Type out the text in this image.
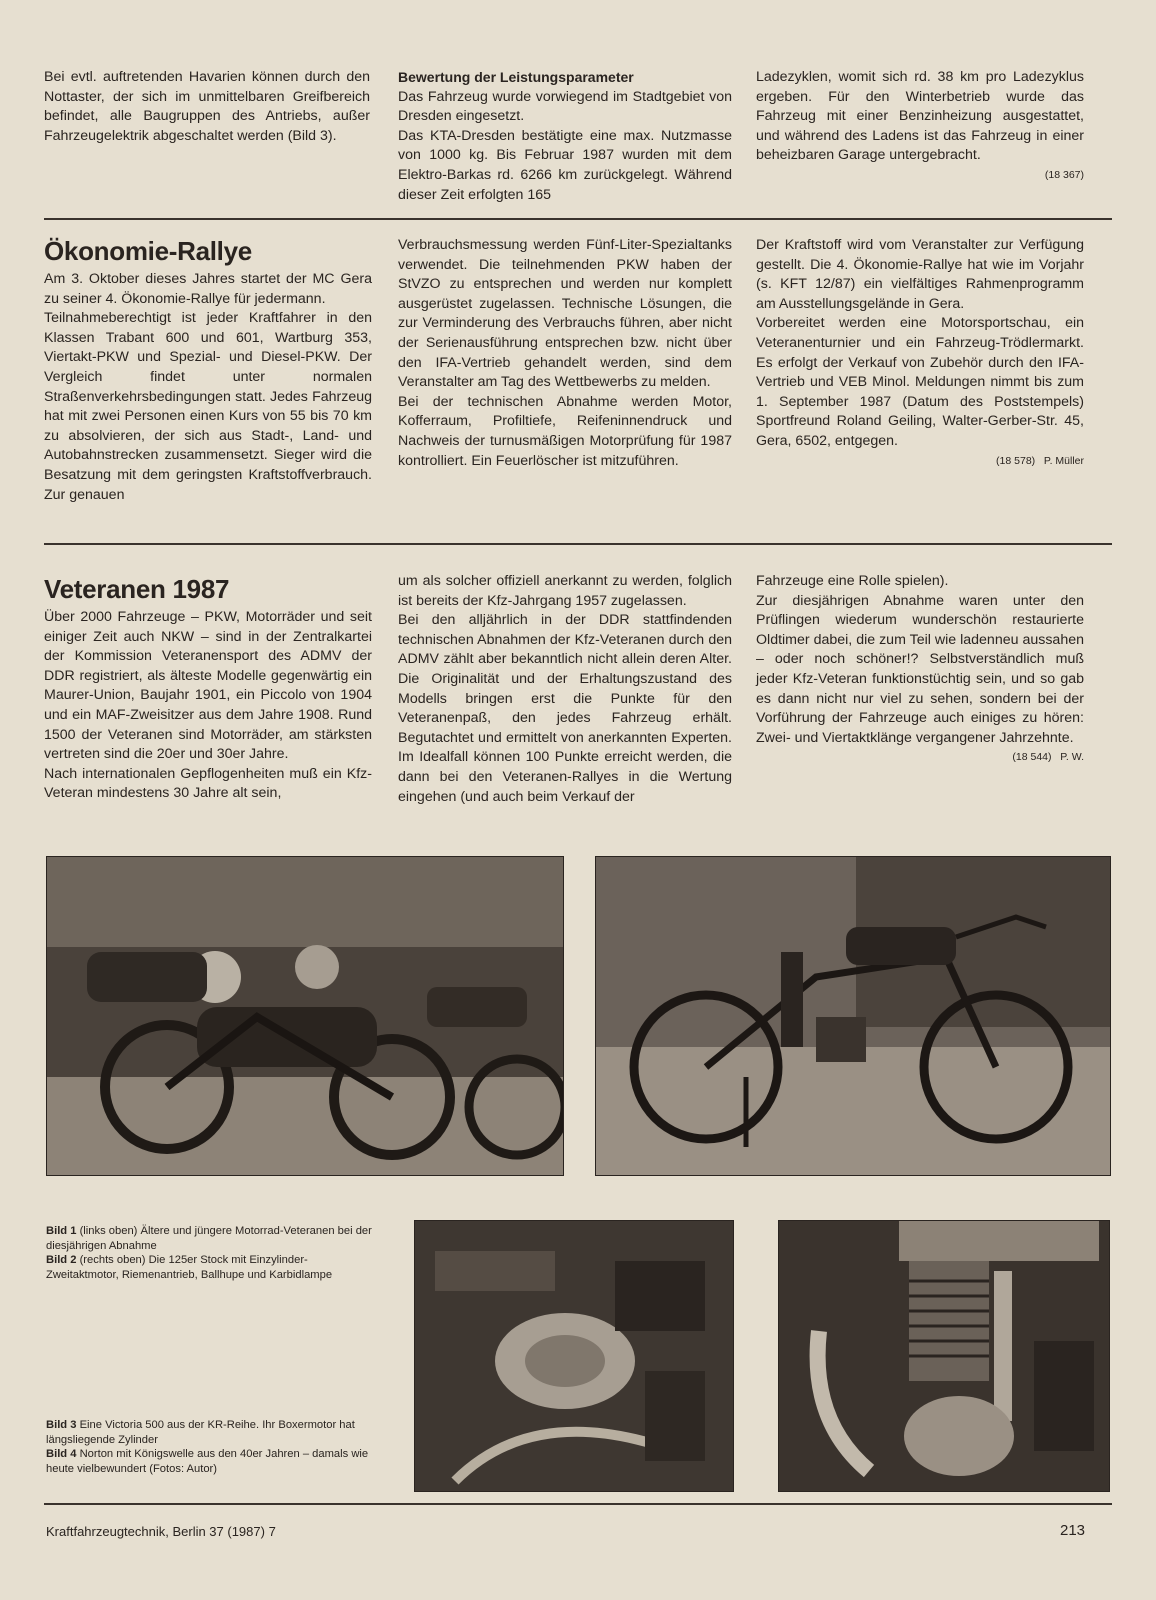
Bei evtl. auftretenden Havarien können durch den Nottaster, der sich im unmittelbaren Greifbereich befindet, alle Baugruppen des Antriebs, außer Fahrzeugelektrik abgeschaltet werden (Bild 3).

Bewertung der Leistungsparameter

Das Fahrzeug wurde vorwiegend im Stadtgebiet von Dresden eingesetzt.

Das KTA-Dresden bestätigte eine max. Nutzmasse von 1000 kg. Bis Februar 1987 wurden mit dem Elektro-Barkas rd. 6266 km zurückgelegt. Während dieser Zeit erfolgten 165

Ladezyklen, womit sich rd. 38 km pro Ladezyklus ergeben. Für den Winterbetrieb wurde das Fahrzeug mit einer Benzinheizung ausgestattet, und während des Ladens ist das Fahrzeug in einer beheizbaren Garage untergebracht.

(18 367)

Ökonomie-Rallye

Am 3. Oktober dieses Jahres startet der MC Gera zu seiner 4. Ökonomie-Rallye für jedermann.

Teilnahmeberechtigt ist jeder Kraftfahrer in den Klassen Trabant 600 und 601, Wartburg 353, Viertakt-PKW und Spezial- und Diesel-PKW. Der Vergleich findet unter normalen Straßenverkehrsbedingungen statt. Jedes Fahrzeug hat mit zwei Personen einen Kurs von 55 bis 70 km zu absolvieren, der sich aus Stadt-, Land- und Autobahnstrecken zusammensetzt. Sieger wird die Besatzung mit dem geringsten Kraftstoffverbrauch. Zur genauen

Verbrauchsmessung werden Fünf-Liter-Spezialtanks verwendet. Die teilnehmenden PKW haben der StVZO zu entsprechen und werden nur komplett ausgerüstet zugelassen. Technische Lösungen, die zur Verminderung des Verbrauchs führen, aber nicht der Serienausführung entsprechen bzw. nicht über den IFA-Vertrieb gehandelt werden, sind dem Veranstalter am Tag des Wettbewerbs zu melden.

Bei der technischen Abnahme werden Motor, Kofferraum, Profiltiefe, Reifeninnendruck und Nachweis der turnusmäßigen Motorprüfung für 1987 kontrolliert. Ein Feuerlöscher ist mitzuführen.

Der Kraftstoff wird vom Veranstalter zur Verfügung gestellt. Die 4. Ökonomie-Rallye hat wie im Vorjahr (s. KFT 12/87) ein vielfältiges Rahmenprogramm am Ausstellungsgelände in Gera.

Vorbereitet werden eine Motorsportschau, ein Veteranenturnier und ein Fahrzeug-Trödlermarkt. Es erfolgt der Verkauf von Zubehör durch den IFA-Vertrieb und VEB Minol. Meldungen nimmt bis zum 1. September 1987 (Datum des Poststempels) Sportfreund Roland Geiling, Walter-Gerber-Str. 45, Gera, 6502, entgegen.

(18 578) P. Müller

Veteranen 1987

Über 2000 Fahrzeuge – PKW, Motorräder und seit einiger Zeit auch NKW – sind in der Zentralkartei der Kommission Veteranensport des ADMV der DDR registriert, als älteste Modelle gegenwärtig ein Maurer-Union, Baujahr 1901, ein Piccolo von 1904 und ein MAF-Zweisitzer aus dem Jahre 1908. Rund 1500 der Veteranen sind Motorräder, am stärksten vertreten sind die 20er und 30er Jahre.

Nach internationalen Gepflogenheiten muß ein Kfz-Veteran mindestens 30 Jahre alt sein,

um als solcher offiziell anerkannt zu werden, folglich ist bereits der Kfz-Jahrgang 1957 zugelassen.

Bei den alljährlich in der DDR stattfindenden technischen Abnahmen der Kfz-Veteranen durch den ADMV zählt aber bekanntlich nicht allein deren Alter. Die Originalität und der Erhaltungszustand des Modells bringen erst die Punkte für den Veteranenpaß, den jedes Fahrzeug erhält. Begutachtet und ermittelt von anerkannten Experten. Im Idealfall können 100 Punkte erreicht werden, die dann bei den Veteranen-Rallyes in die Wertung eingehen (und auch beim Verkauf der

Fahrzeuge eine Rolle spielen).

Zur diesjährigen Abnahme waren unter den Prüflingen wiederum wunderschön restaurierte Oldtimer dabei, die zum Teil wie ladenneu aussahen – oder noch schöner!? Selbstverständlich muß jeder Kfz-Veteran funktionstüchtig sein, und so gab es dann nicht nur viel zu sehen, sondern bei der Vorführung der Fahrzeuge auch einiges zu hören: Zwei- und Viertaktklänge vergangener Jahrzehnte.

(18 544) P. W.

Bild 1 (links oben) Ältere und jüngere Motorrad-Veteranen bei der diesjährigen Abnahme
Bild 2 (rechts oben) Die 125er Stock mit Einzylinder-Zweitaktmotor, Riemenantrieb, Ballhupe und Karbidlampe
Bild 3 Eine Victoria 500 aus der KR-Reihe. Ihr Boxermotor hat längsliegende Zylinder
Bild 4 Norton mit Königswelle aus den 40er Jahren – damals wie heute vielbewundert (Fotos: Autor)
Kraftfahrzeugtechnik, Berlin 37 (1987) 7	213
